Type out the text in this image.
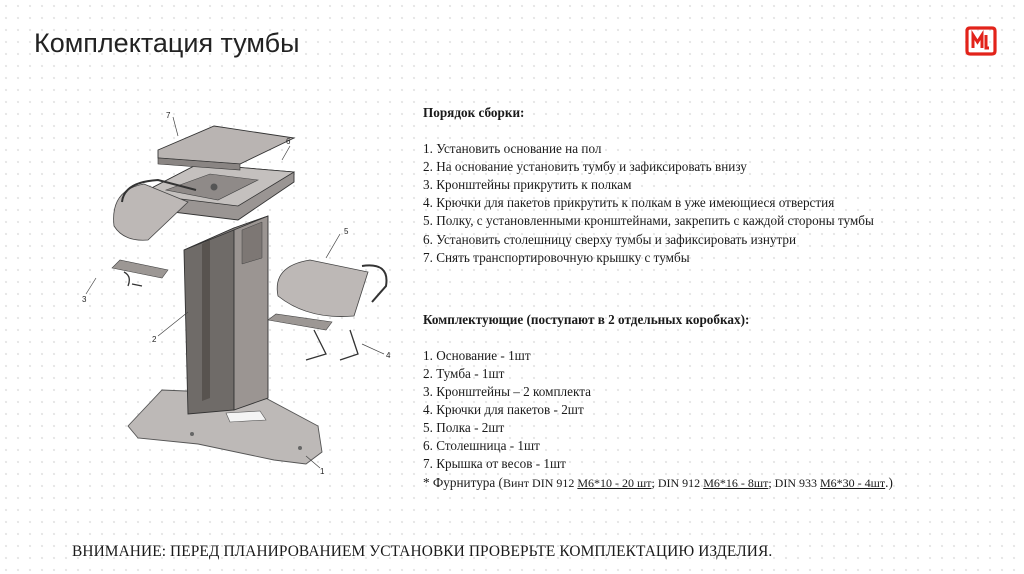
Комплектация тумбы
7
6
5
3
2
4
1
Порядок сборки:
1. Установить основание на пол
2. На основание установить тумбу и зафиксировать внизу
3. Кронштейны прикрутить к полкам
4. Крючки для пакетов прикрутить к полкам в уже имеющиеся отверстия
5. Полку, с установленными кронштейнами, закрепить с каждой стороны тумбы
6. Установить столешницу сверху тумбы и зафиксировать изнутри
7. Снять транспортировочную крышку с тумбы
Комплектующие (поступают в 2 отдельных коробках):
1. Основание - 1шт
2. Тумба - 1шт
3. Кронштейны – 2 комплекта
4. Крючки для пакетов - 2шт
5. Полка - 2шт
6. Столешница - 1шт
7. Крышка от весов - 1шт
* Фурнитура (Винт DIN 912 М6*10 - 20 шт; DIN 912 М6*16 - 8шт; DIN 933 М6*30 - 4шт.)
ВНИМАНИЕ: ПЕРЕД ПЛАНИРОВАНИЕМ УСТАНОВКИ ПРОВЕРЬТЕ КОМПЛЕКТАЦИЮ ИЗДЕЛИЯ.
